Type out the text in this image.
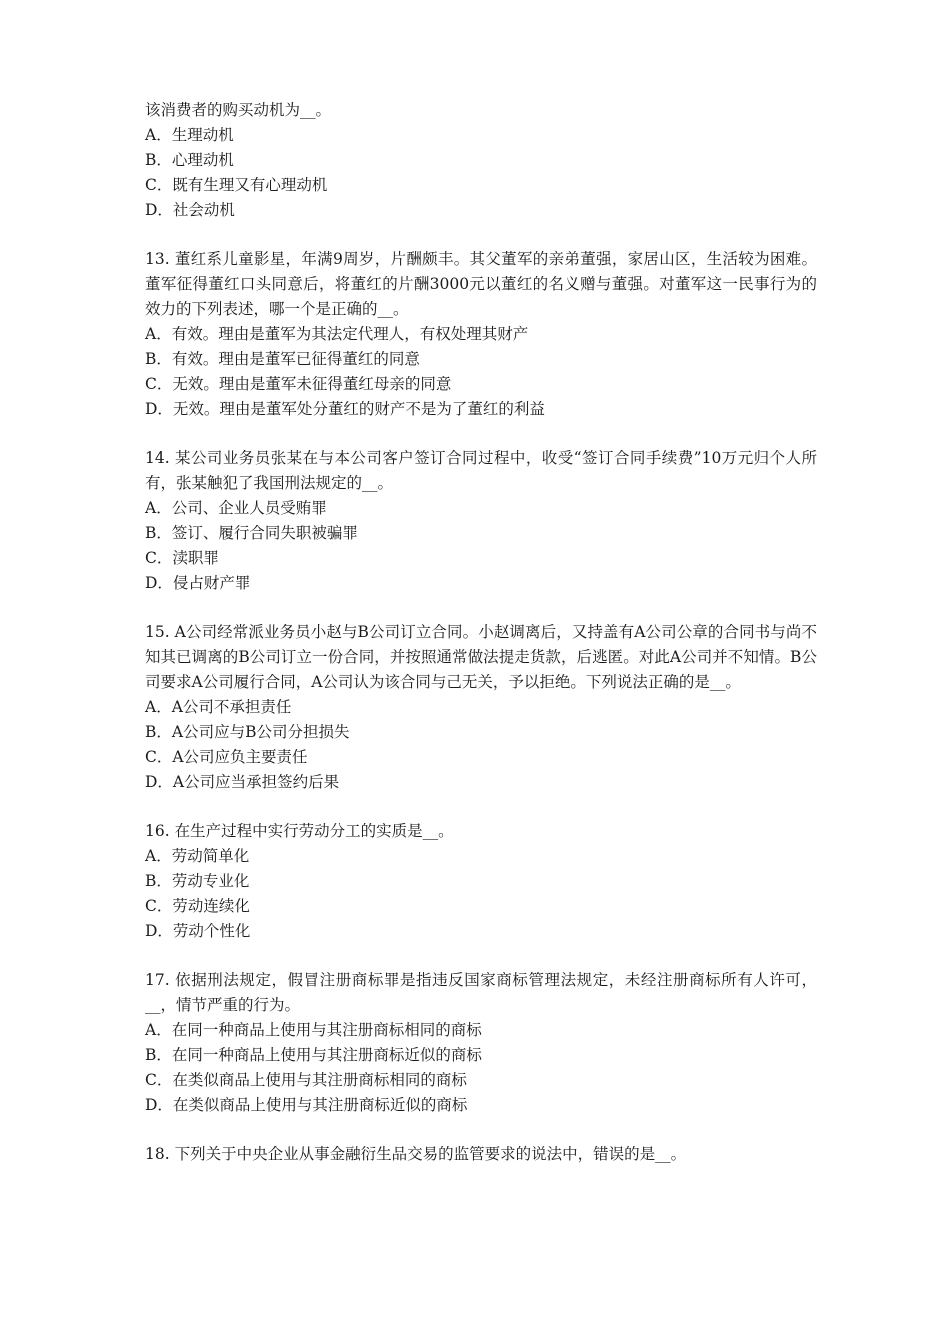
该消费者的购买动机为__。

A．生理动机

B．心理动机

C．既有生理又有心理动机

D．社会动机

13. 董红系儿童影星，年满9周岁，片酬颇丰。其父董军的亲弟董强，家居山区，生活较为困难。董军征得董红口头同意后，将董红的片酬3000元以董红的名义赠与董强。对董军这一民事行为的效力的下列表述，哪一个是正确的__。

A．有效。理由是董军为其法定代理人，有权处理其财产

B．有效。理由是董军已征得董红的同意

C．无效。理由是董军未征得董红母亲的同意

D．无效。理由是董军处分董红的财产不是为了董红的利益

14. 某公司业务员张某在与本公司客户签订合同过程中，收受“签订合同手续费”10万元归个人所有，张某触犯了我国刑法规定的__。

A．公司、企业人员受贿罪

B．签订、履行合同失职被骗罪

C．渎职罪

D．侵占财产罪

15. A公司经常派业务员小赵与B公司订立合同。小赵调离后，又持盖有A公司公章的合同书与尚不知其已调离的B公司订立一份合同，并按照通常做法提走货款，后逃匿。对此A公司并不知情。B公司要求A公司履行合同，A公司认为该合同与己无关，予以拒绝。下列说法正确的是__。

A．A公司不承担责任

B．A公司应与B公司分担损失

C．A公司应负主要责任

D．A公司应当承担签约后果

16. 在生产过程中实行劳动分工的实质是__。

A．劳动简单化

B．劳动专业化

C．劳动连续化

D．劳动个性化

17. 依据刑法规定，假冒注册商标罪是指违反国家商标管理法规定，未经注册商标所有人许可，__，情节严重的行为。

A．在同一种商品上使用与其注册商标相同的商标

B．在同一种商品上使用与其注册商标近似的商标

C．在类似商品上使用与其注册商标相同的商标

D．在类似商品上使用与其注册商标近似的商标

18. 下列关于中央企业从事金融衍生品交易的监管要求的说法中，错误的是__。
